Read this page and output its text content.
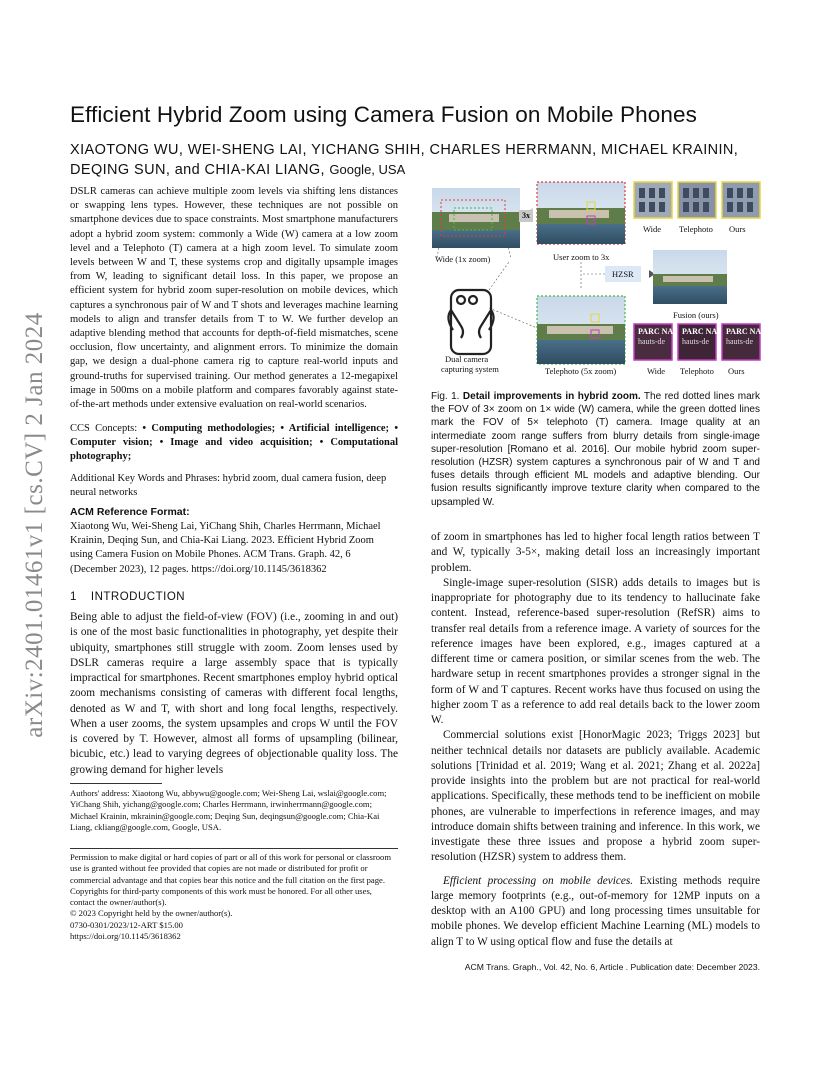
arXiv:2401.01461v1 [cs.CV] 2 Jan 2024
Efficient Hybrid Zoom using Camera Fusion on Mobile Phones
XIAOTONG WU, WEI-SHENG LAI, YICHANG SHIH, CHARLES HERRMANN, MICHAEL KRAININ, DEQING SUN, and CHIA-KAI LIANG, Google, USA
DSLR cameras can achieve multiple zoom levels via shifting lens distances or swapping lens types. However, these techniques are not possible on smartphone devices due to space constraints. Most smartphone manufacturers adopt a hybrid zoom system: commonly a Wide (W) camera at a low zoom level and a Telephoto (T) camera at a high zoom level. To simulate zoom levels between W and T, these systems crop and digitally upsample images from W, leading to significant detail loss. In this paper, we propose an efficient system for hybrid zoom super-resolution on mobile devices, which captures a synchronous pair of W and T shots and leverages machine learning models to align and transfer details from T to W. We further develop an adaptive blending method that accounts for depth-of-field mismatches, scene occlusion, flow uncertainty, and alignment errors. To minimize the domain gap, we design a dual-phone camera rig to capture real-world inputs and ground-truths for supervised training. Our method generates a 12-megapixel image in 500ms on a mobile platform and compares favorably against state-of-the-art methods under extensive evaluation on real-world scenarios.
CCS Concepts: • Computing methodologies; • Artificial intelligence; • Computer vision; • Image and video acquisition; • Computational photography;
Additional Key Words and Phrases: hybrid zoom, dual camera fusion, deep neural networks
ACM Reference Format:
Xiaotong Wu, Wei-Sheng Lai, YiChang Shih, Charles Herrmann, Michael Krainin, Deqing Sun, and Chia-Kai Liang. 2023. Efficient Hybrid Zoom using Camera Fusion on Mobile Phones. ACM Trans. Graph. 42, 6 (December 2023), 12 pages. https://doi.org/10.1145/3618362
1 INTRODUCTION
Being able to adjust the field-of-view (FOV) (i.e., zooming in and out) is one of the most basic functionalities in photography, yet despite their ubiquity, smartphones still struggle with zoom. Zoom lenses used by DSLR cameras require a large assembly space that is typically impractical for smartphones. Recent smartphones employ hybrid optical zoom mechanisms consisting of cameras with different focal lengths, denoted as W and T, with short and long focal lengths, respectively. When a user zooms, the system upsamples and crops W until the FOV is covered by T. However, almost all forms of upsampling (bilinear, bicubic, etc.) lead to varying degrees of objectionable quality loss. The growing demand for higher levels
Authors' address: Xiaotong Wu, abbywu@google.com; Wei-Sheng Lai, wslai@google.com; YiChang Shih, yichang@google.com; Charles Herrmann, irwinherrmann@google.com; Michael Krainin, mkrainin@google.com; Deqing Sun, deqingsun@google.com; Chia-Kai Liang, ckliang@google.com, Google, USA.
Permission to make digital or hard copies of part or all of this work for personal or classroom use is granted without fee provided that copies are not made or distributed for profit or commercial advantage and that copies bear this notice and the full citation on the first page. Copyrights for third-party components of this work must be honored. For all other uses, contact the owner/author(s).
© 2023 Copyright held by the owner/author(s).
0730-0301/2023/12-ART $15.00
https://doi.org/10.1145/3618362
Wide Telephoto Ours
3x
Wide (1x zoom)	User zoom to 3x
HZSR
Fusion (ours)
PARC NA PARC NA PARC NA
hauts-de hauts-de hauts-de
Dual camera
capturing system	Telephoto (5x zoom)	Wide Telephoto Ours
Fig. 1. Detail improvements in hybrid zoom. The red dotted lines mark the FOV of 3× zoom on 1× wide (W) camera, while the green dotted lines mark the FOV of 5× telephoto (T) camera. Image quality at an intermediate zoom range suffers from blurry details from single-image super-resolution [Romano et al. 2016]. Our mobile hybrid zoom super-resolution (HZSR) system captures a synchronous pair of W and T and fuses details through efficient ML models and adaptive blending. Our fusion results significantly improve texture clarity when compared to the upsampled W.

of zoom in smartphones has led to higher focal length ratios between T and W, typically 3-5×, making detail loss an increasingly important problem.

Single-image super-resolution (SISR) adds details to images but is inappropriate for photography due to its tendency to hallucinate fake content. Instead, reference-based super-resolution (RefSR) aims to transfer real details from a reference image. A variety of sources for the reference images have been explored, e.g., images captured at a different time or camera position, or similar scenes from the web. The hardware setup in recent smartphones provides a stronger signal in the form of W and T captures. Recent works have thus focused on using the higher zoom T as a reference to add real details back to the lower zoom W.

Commercial solutions exist [HonorMagic 2023; Triggs 2023] but neither technical details nor datasets are publicly available. Academic solutions [Trinidad et al. 2019; Wang et al. 2021; Zhang et al. 2022a] provide insights into the problem but are not practical for real-world applications. Specifically, these methods tend to be inefficient on mobile phones, are vulnerable to imperfections in reference images, and may introduce domain shifts between training and inference. In this work, we investigate these three issues and propose a hybrid zoom super-resolution (HZSR) system to address them.

Efficient processing on mobile devices. Existing methods require large memory footprints (e.g., out-of-memory for 12MP inputs on a desktop with an A100 GPU) and long processing times unsuitable for mobile phones. We develop efficient Machine Learning (ML) models to align T to W using optical flow and fuse the details at

ACM Trans. Graph., Vol. 42, No. 6, Article . Publication date: December 2023.
